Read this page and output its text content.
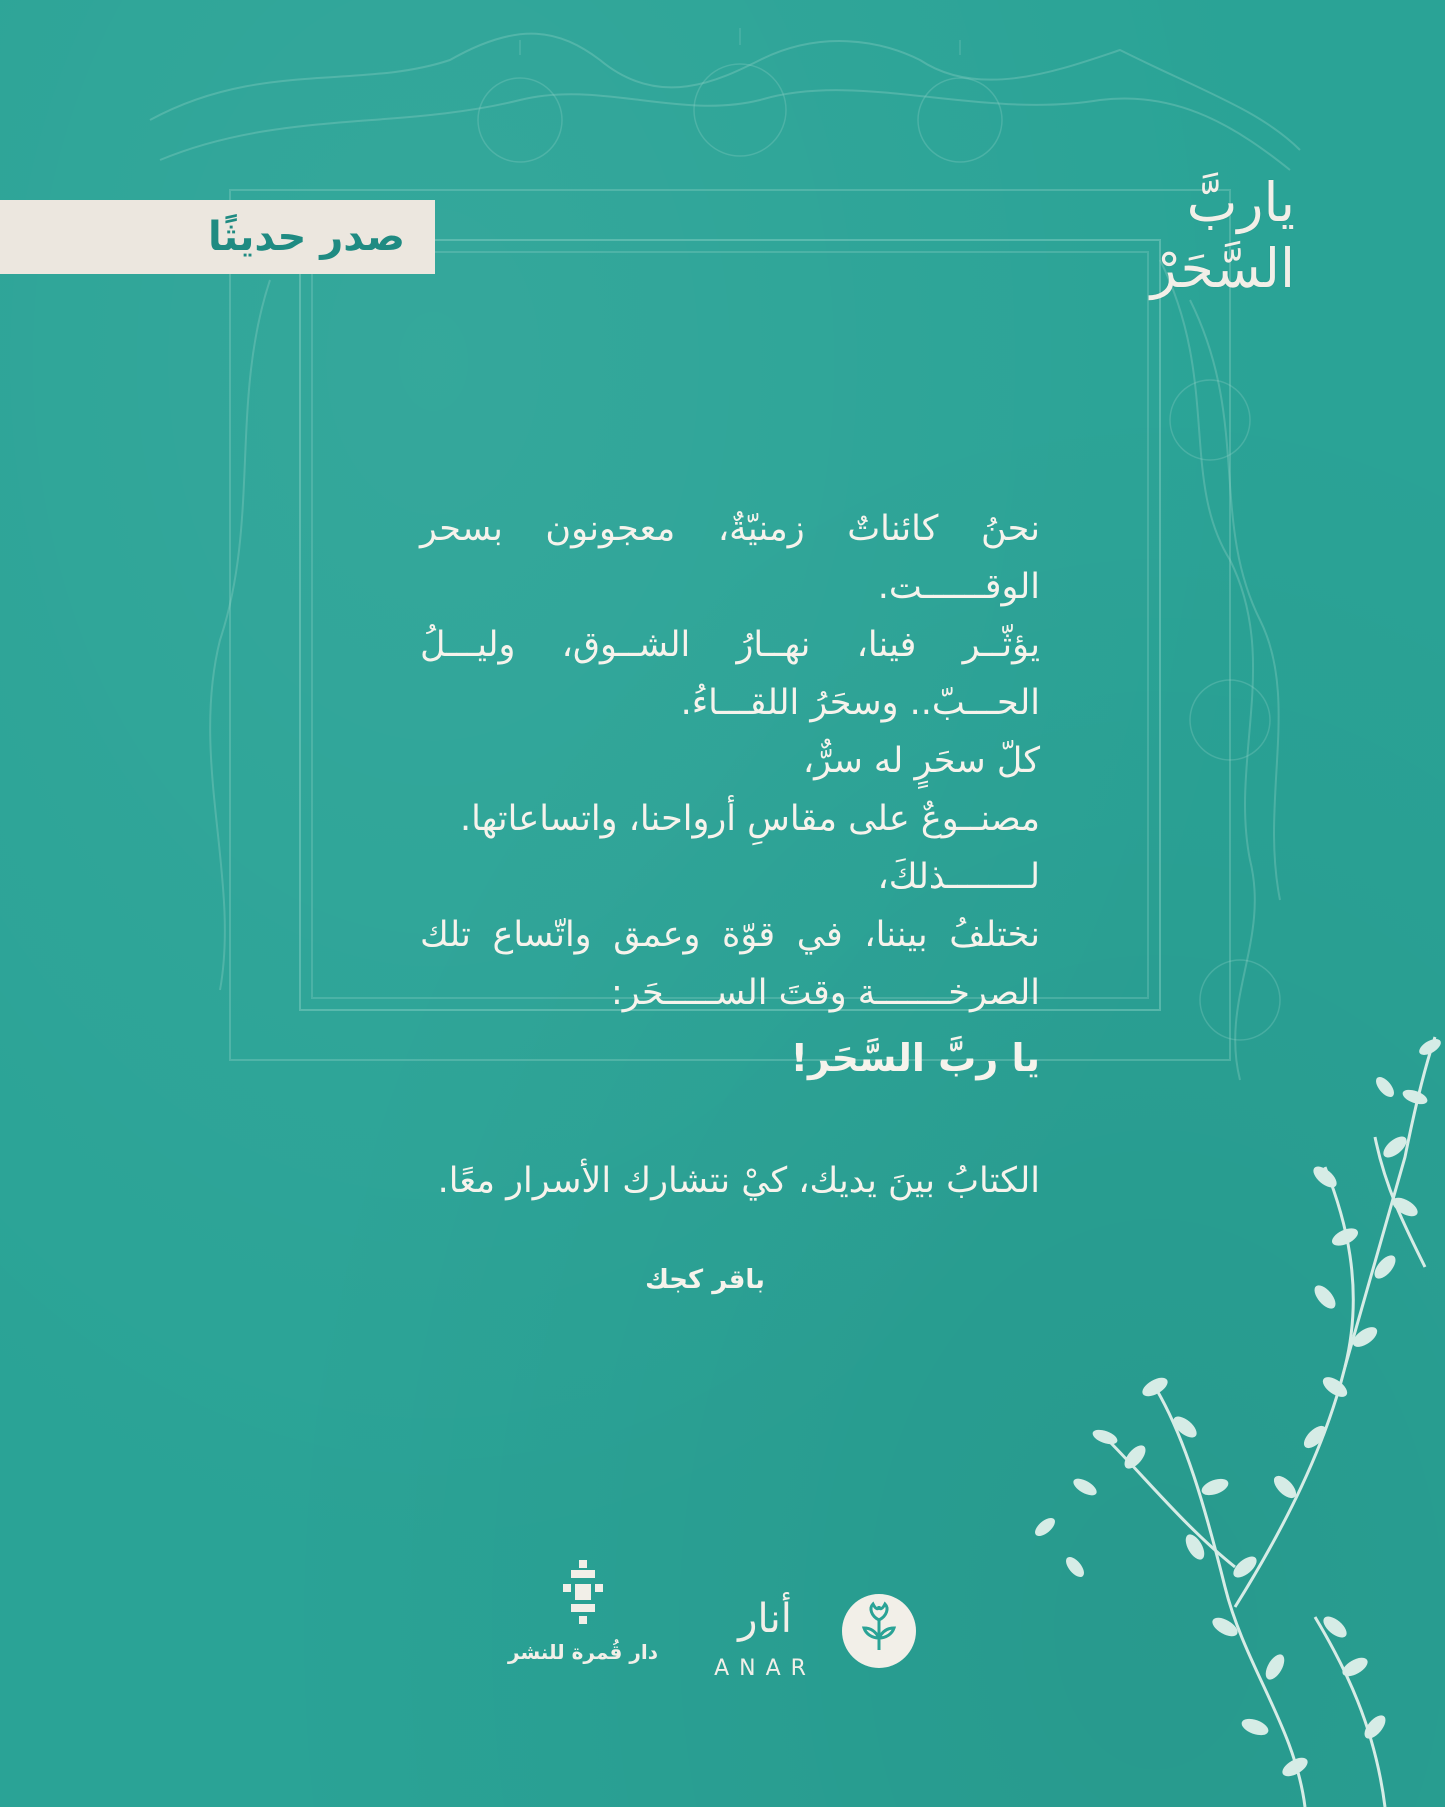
صدر حديثًا
ياربَّ
السَّحَرْ

نحنُ كائناتٌ زمنيّةٌ، معجونون بسحر الوقــــــت.

يؤثّــر فينا، نهــارُ الشــوق، وليـــلُ الحـــبّ.. وسحَرُ اللقـــاءُ.

كلّ سحَرٍ له سرٌّ،

مصنــوعٌ على مقاسِ أرواحنا، واتساعاتها.

لــــــــذلكَ،

نختلفُ بيننا، في قوّة وعمق واتّساع تلك الصرخـــــــة وقتَ الســـــحَر:

يا ربَّ السَّحَر!

الكتابُ بينَ يديك، كيْ نتشارك الأسرار معًا.

باقر كجك
دار قُمرة للنشر
أنار
ANAR
